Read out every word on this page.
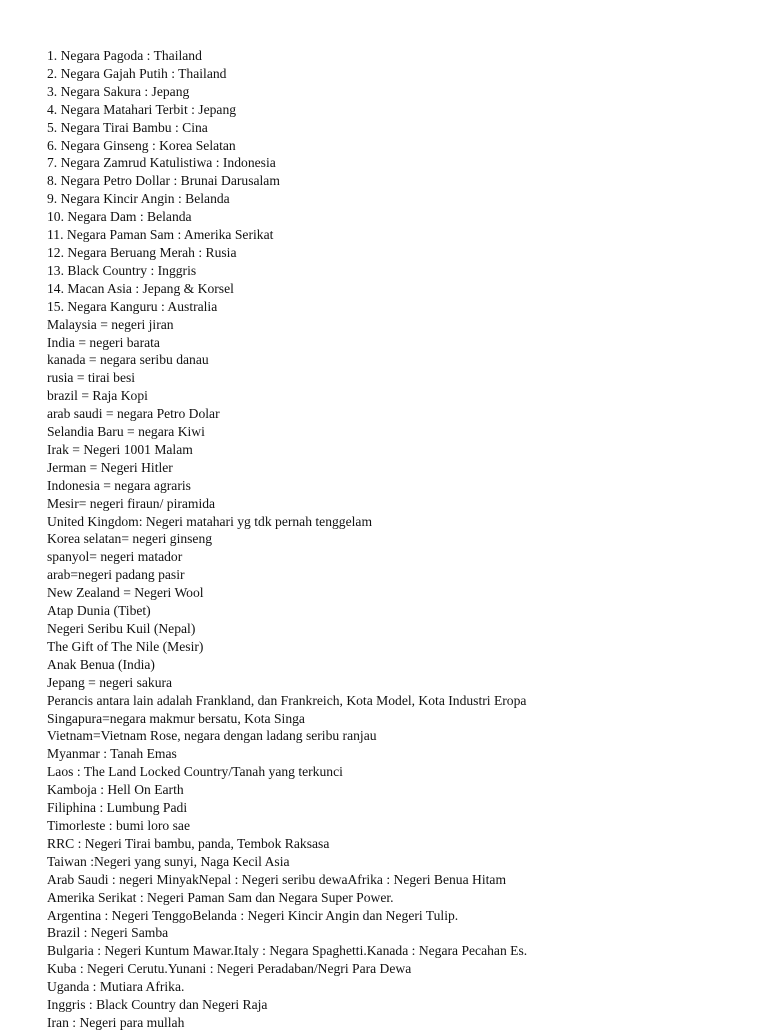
1. Negara Pagoda : Thailand
2. Negara Gajah Putih : Thailand
3. Negara Sakura : Jepang
4. Negara Matahari Terbit : Jepang
5. Negara Tirai Bambu : Cina
6. Negara Ginseng : Korea Selatan
7. Negara Zamrud Katulistiwa : Indonesia
8. Negara Petro Dollar : Brunai Darusalam
9. Negara Kincir Angin : Belanda
10. Negara Dam : Belanda
11. Negara Paman Sam : Amerika Serikat
12. Negara Beruang Merah : Rusia
13. Black Country : Inggris
14. Macan Asia : Jepang & Korsel
15. Negara Kanguru : Australia
Malaysia = negeri jiran
India = negeri barata
kanada = negara seribu danau
rusia = tirai besi
brazil = Raja Kopi
arab saudi = negara Petro Dolar
Selandia Baru = negara Kiwi
Irak = Negeri 1001 Malam
Jerman = Negeri Hitler
Indonesia = negara agraris
Mesir= negeri firaun/ piramida
United Kingdom: Negeri matahari yg tdk pernah tenggelam
Korea selatan= negeri ginseng
spanyol= negeri matador
arab=negeri padang pasir
New Zealand = Negeri Wool
Atap Dunia (Tibet)
Negeri Seribu Kuil (Nepal)
The Gift of The Nile (Mesir)
Anak Benua (India)
Jepang = negeri sakura
Perancis antara lain adalah Frankland, dan Frankreich, Kota Model, Kota Industri Eropa
Singapura=negara makmur bersatu, Kota Singa
Vietnam=Vietnam Rose, negara dengan ladang seribu ranjau
Myanmar : Tanah Emas
Laos : The Land Locked Country/Tanah yang terkunci
Kamboja : Hell On Earth
Filiphina : Lumbung Padi
Timorleste : bumi loro sae
RRC : Negeri Tirai bambu, panda, Tembok Raksasa
Taiwan :Negeri yang sunyi, Naga Kecil Asia
Arab Saudi : negeri MinyakNepal : Negeri seribu dewaAfrika : Negeri Benua Hitam
Amerika Serikat : Negeri Paman Sam dan Negara Super Power.
Argentina : Negeri TenggoBelanda : Negeri Kincir Angin dan Negeri Tulip.
Brazil : Negeri Samba
Bulgaria : Negeri Kuntum Mawar.Italy : Negara Spaghetti.Kanada : Negara Pecahan Es.
Kuba : Negeri Cerutu.Yunani : Negeri Peradaban/Negri Para Dewa
Uganda : Mutiara Afrika.
Inggris : Black Country dan Negeri Raja
Iran : Negeri para mullah
